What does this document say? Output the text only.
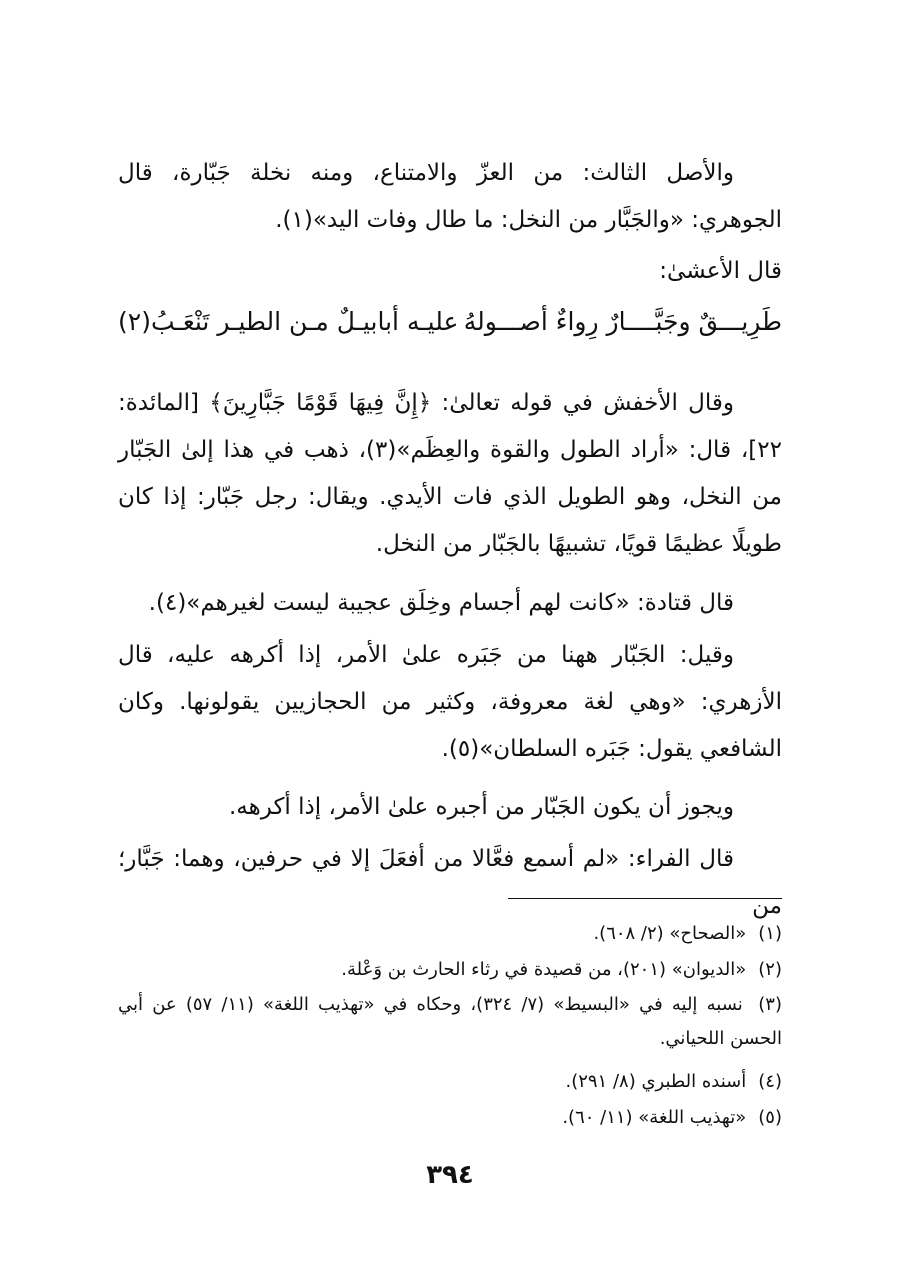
والأصل الثالث: من العزّ والامتناع، ومنه نخلة جَبّارة، قال الجوهري: «والجَبَّار من النخل: ما طال وفات اليد»(١).
قال الأعشىٰ:
طَرِيـــقٌ وجَبَّــــارٌ رِواءٌ أصـــولهُ
عليـه أبابيـلٌ مـن الطيـر تَنْعَـبُ(٢)
وقال الأخفش في قوله تعالىٰ: ﴿إِنَّ فِيهَا قَوْمًا جَبَّارِينَ﴾ [المائدة: ٢٢]، قال: «أراد الطول والقوة والعِظَم»(٣)، ذهب في هذا إلىٰ الجَبّار من النخل، وهو الطويل الذي فات الأيدي. ويقال: رجل جَبّار: إذا كان طويلًا عظيمًا قويًا، تشبيهًا بالجَبّار من النخل.
قال قتادة: «كانت لهم أجسام وخِلَق عجيبة ليست لغيرهم»(٤).
وقيل: الجَبّار ههنا من جَبَره علىٰ الأمر، إذا أكرهه عليه، قال الأزهري: «وهي لغة معروفة، وكثير من الحجازيين يقولونها. وكان الشافعي يقول: جَبَره السلطان»(٥).
ويجوز أن يكون الجَبّار من أجبره علىٰ الأمر، إذا أكرهه.
قال الفراء: «لم أسمع فعَّالا من أفعَلَ إلا في حرفين، وهما: جَبَّار؛ من
(١) «الصحاح» (٢/ ٦٠٨).
(٢) «الديوان» (٢٠١)، من قصيدة في رثاء الحارث بن وَعْلة.
(٣) نسبه إليه في «البسيط» (٧/ ٣٢٤)، وحكاه في «تهذيب اللغة» (١١/ ٥٧) عن أبي الحسن اللحياني.
(٤) أسنده الطبري (٨/ ٢٩١).
(٥) «تهذيب اللغة» (١١/ ٦٠).
٣٩٤
